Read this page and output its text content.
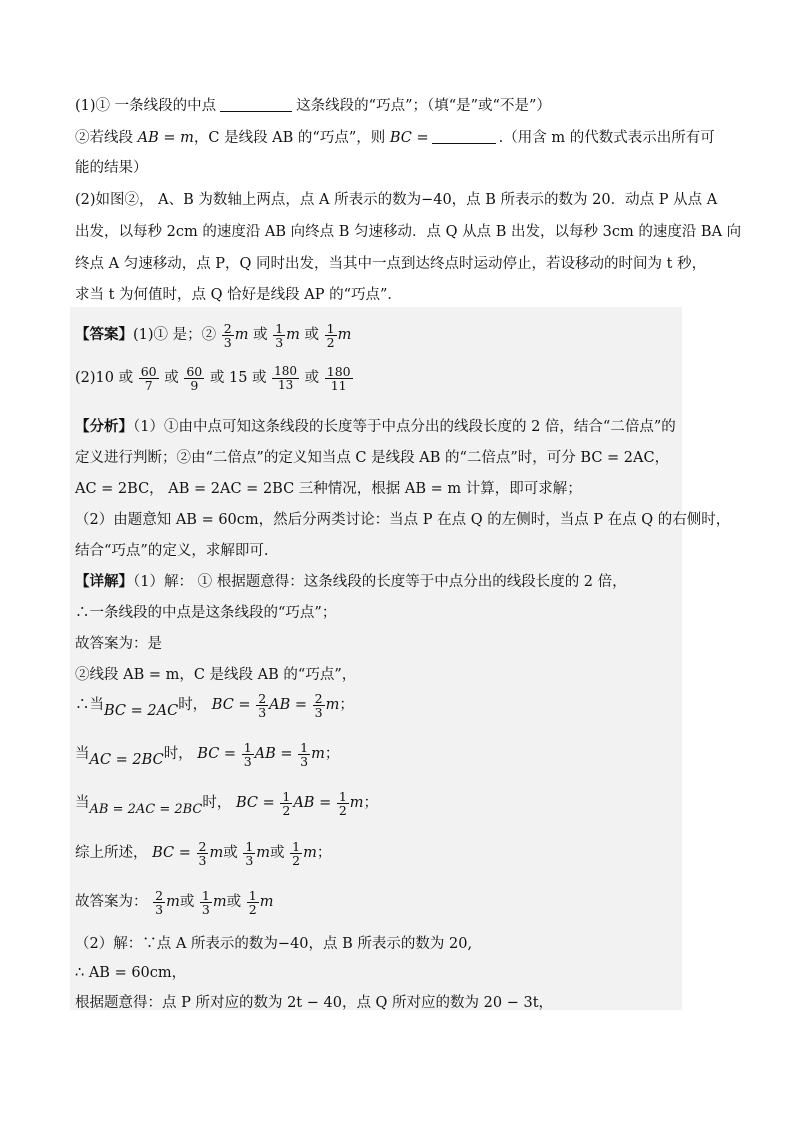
(1)① 一条线段的中点	这条线段的“巧点”；（填“是”或“不是”）
②若线段 AB = m，C 是线段 AB 的“巧点”，则 BC =	.（用含 m 的代数式表示出所有可
能的结果）
(2)如图②， A、B 为数轴上两点，点 A 所表示的数为−40，点 B 所表示的数为 20．动点 P 从点 A
出发，以每秒 2cm 的速度沿 AB 向终点 B 匀速移动．点 Q 从点 B 出发，以每秒 3cm 的速度沿 BA 向
终点 A 匀速移动，点 P，Q 同时出发，当其中一点到达终点时运动停止，若设移动的时间为 t 秒，
求当 t 为何值时，点 Q 恰好是线段 AP 的“巧点”．
【答案】(1)① 是；② $\frac{2}{3}$ m 或 $\frac{1}{3}$ m 或 $\frac{1}{2}$ m
(2)10 或 $\frac{60}{7}$ 或 $\frac{60}{9}$ 或 15 或 $\frac{180}{13}$ 或 $\frac{180}{11}$
【分析】（1）①由中点可知这条线段的长度等于中点分出的线段长度的 2 倍，结合“二倍点”的
定义进行判断；②由“二倍点”的定义知当点 C 是线段 AB 的“二倍点”时，可分 BC = 2AC，
AC = 2BC， AB = 2AC = 2BC 三种情况，根据 AB = m 计算，即可求解；
（2）由题意知 AB = 60cm，然后分两类讨论：当点 P 在点 Q 的左侧时，当点 P 在点 Q 的右侧时，
结合“巧点”的定义，求解即可.
【详解】（1）解： ① 根据题意得：这条线段的长度等于中点分出的线段长度的 2 倍，
∴一条线段的中点是这条线段的“巧点”；
故答案为：是
②线段 AB = m，C 是线段 AB 的“巧点”，
∴当BC = 2AC时， BC = $\frac{2}{3}$ AB = $\frac{2}{3}$ m；
当AC = 2BC时， BC = $\frac{1}{3}$ AB = $\frac{1}{3}$ m；
当AB = 2AC = 2BC时， BC = $\frac{1}{2}$ AB = $\frac{1}{2}$ m；
综上所述， BC = $\frac{2}{3}$ m或 $\frac{1}{3}$ m或 $\frac{1}{2}$ m；
故答案为： $\frac{2}{3}$ m或 $\frac{1}{3}$ m或 $\frac{1}{2}$ m
（2）解：∵点 A 所表示的数为−40，点 B 所表示的数为 20,
∴ AB = 60cm，
根据题意得：点 P 所对应的数为 2t − 40，点 Q 所对应的数为 20 − 3t，
